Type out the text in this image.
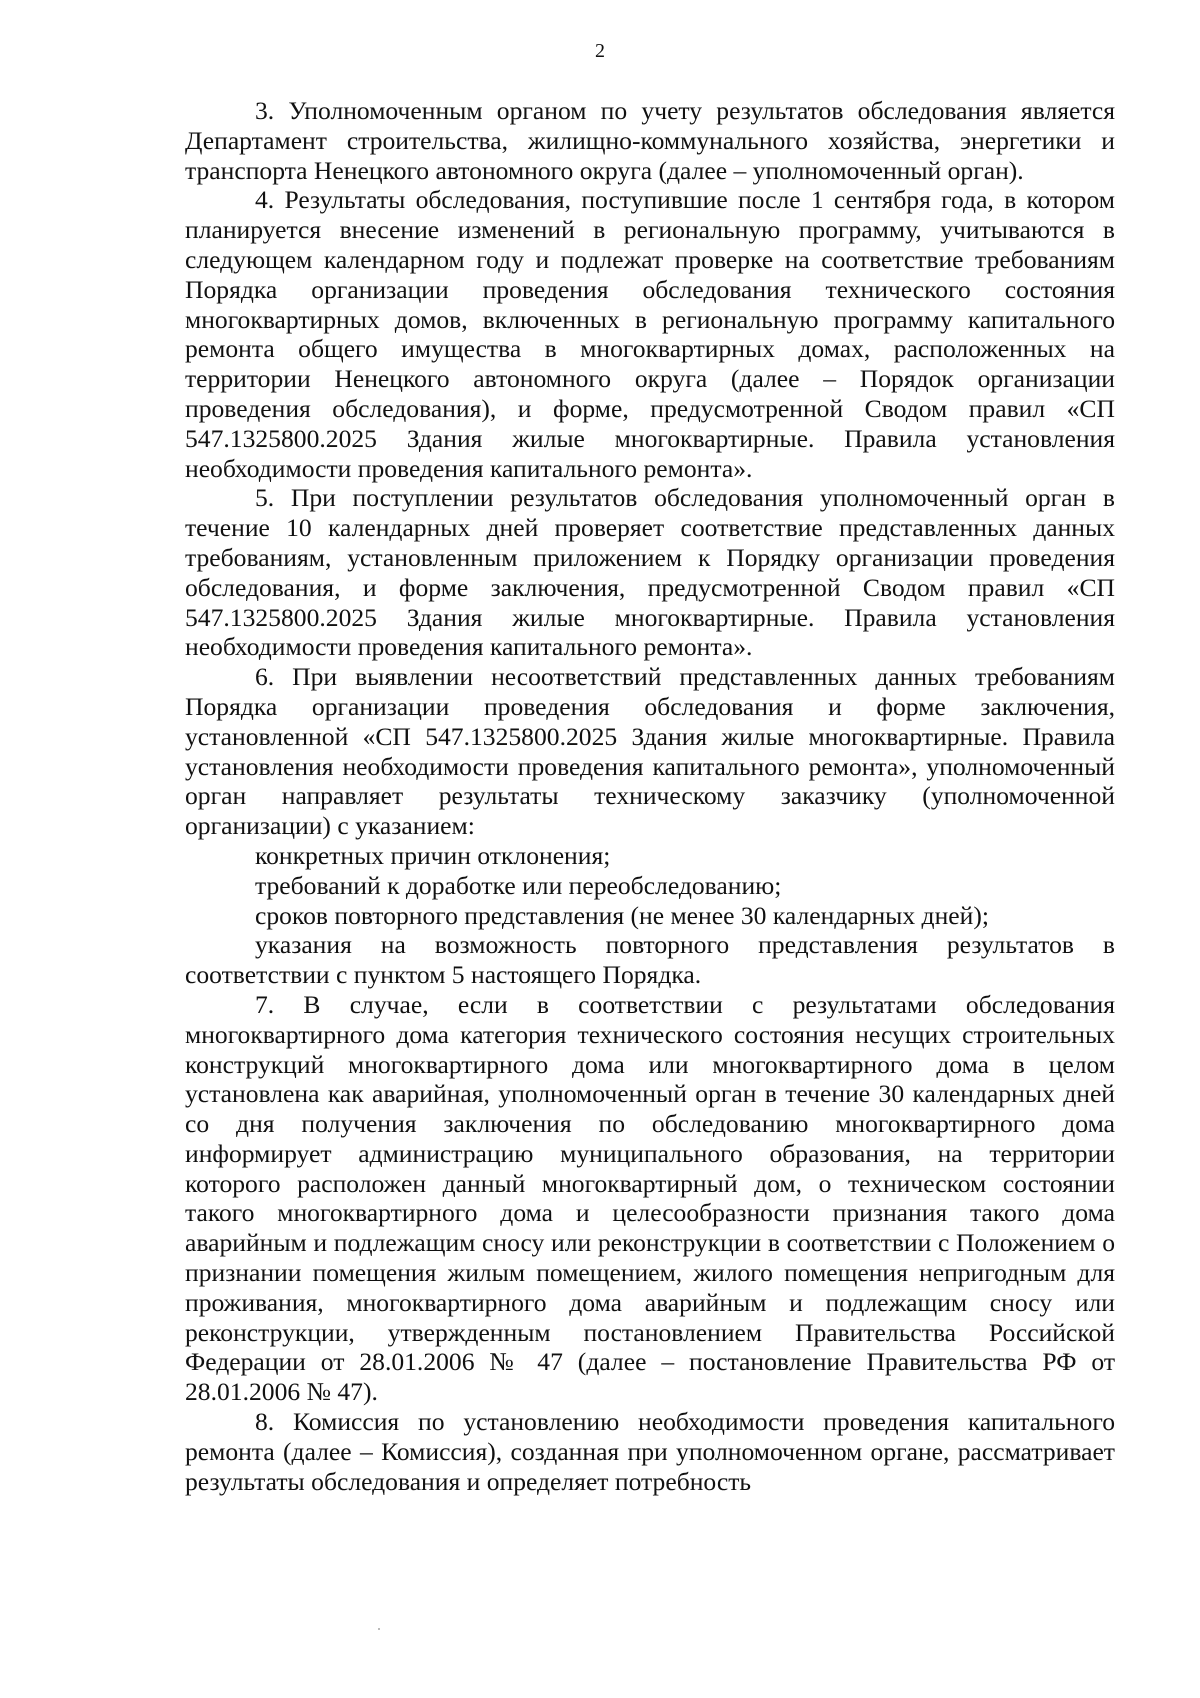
2

3. Уполномоченным органом по учету результатов обследования является Департамент строительства, жилищно-коммунального хозяйства, энергетики и транспорта Ненецкого автономного округа (далее – уполномоченный орган).

4. Результаты обследования, поступившие после 1 сентября года, в котором планируется внесение изменений в региональную программу, учитываются в следующем календарном году и подлежат проверке на соответствие требованиям Порядка организации проведения обследования технического состояния многоквартирных домов, включенных в региональную программу капитального ремонта общего имущества в многоквартирных домах, расположенных на территории Ненецкого автономного округа (далее – Порядок организации проведения обследования), и форме, предусмотренной Сводом правил «СП 547.1325800.2025 Здания жилые многоквартирные. Правила установления необходимости проведения капитального ремонта».

5. При поступлении результатов обследования уполномоченный орган в течение 10 календарных дней проверяет соответствие представленных данных требованиям, установленным приложением к Порядку организации проведения обследования, и форме заключения, предусмотренной Сводом правил «СП 547.1325800.2025 Здания жилые многоквартирные. Правила установления необходимости проведения капитального ремонта».

6. При выявлении несоответствий представленных данных требованиям Порядка организации проведения обследования и форме заключения, установленной «СП 547.1325800.2025 Здания жилые многоквартирные. Правила установления необходимости проведения капитального ремонта», уполномоченный орган направляет результаты техническому заказчику (уполномоченной организации) с указанием:

конкретных причин отклонения;

требований к доработке или переобследованию;

сроков повторного представления (не менее 30 календарных дней);

указания на возможность повторного представления результатов в соответствии с пунктом 5 настоящего Порядка.

7. В случае, если в соответствии с результатами обследования многоквартирного дома категория технического состояния несущих строительных конструкций многоквартирного дома или многоквартирного дома в целом установлена как аварийная, уполномоченный орган в течение 30 календарных дней со дня получения заключения по обследованию многоквартирного дома информирует администрацию муниципального образования, на территории которого расположен данный многоквартирный дом, о техническом состоянии такого многоквартирного дома и целесообразности признания такого дома аварийным и подлежащим сносу или реконструкции в соответствии с Положением о признании помещения жилым помещением, жилого помещения непригодным для проживания, многоквартирного дома аварийным и подлежащим сносу или реконструкции, утвержденным постановлением Правительства Российской Федерации от 28.01.2006 № 47 (далее – постановление Правительства РФ от 28.01.2006 № 47).

8. Комиссия по установлению необходимости проведения капитального ремонта (далее – Комиссия), созданная при уполномоченном органе, рассматривает результаты обследования и определяет потребность
